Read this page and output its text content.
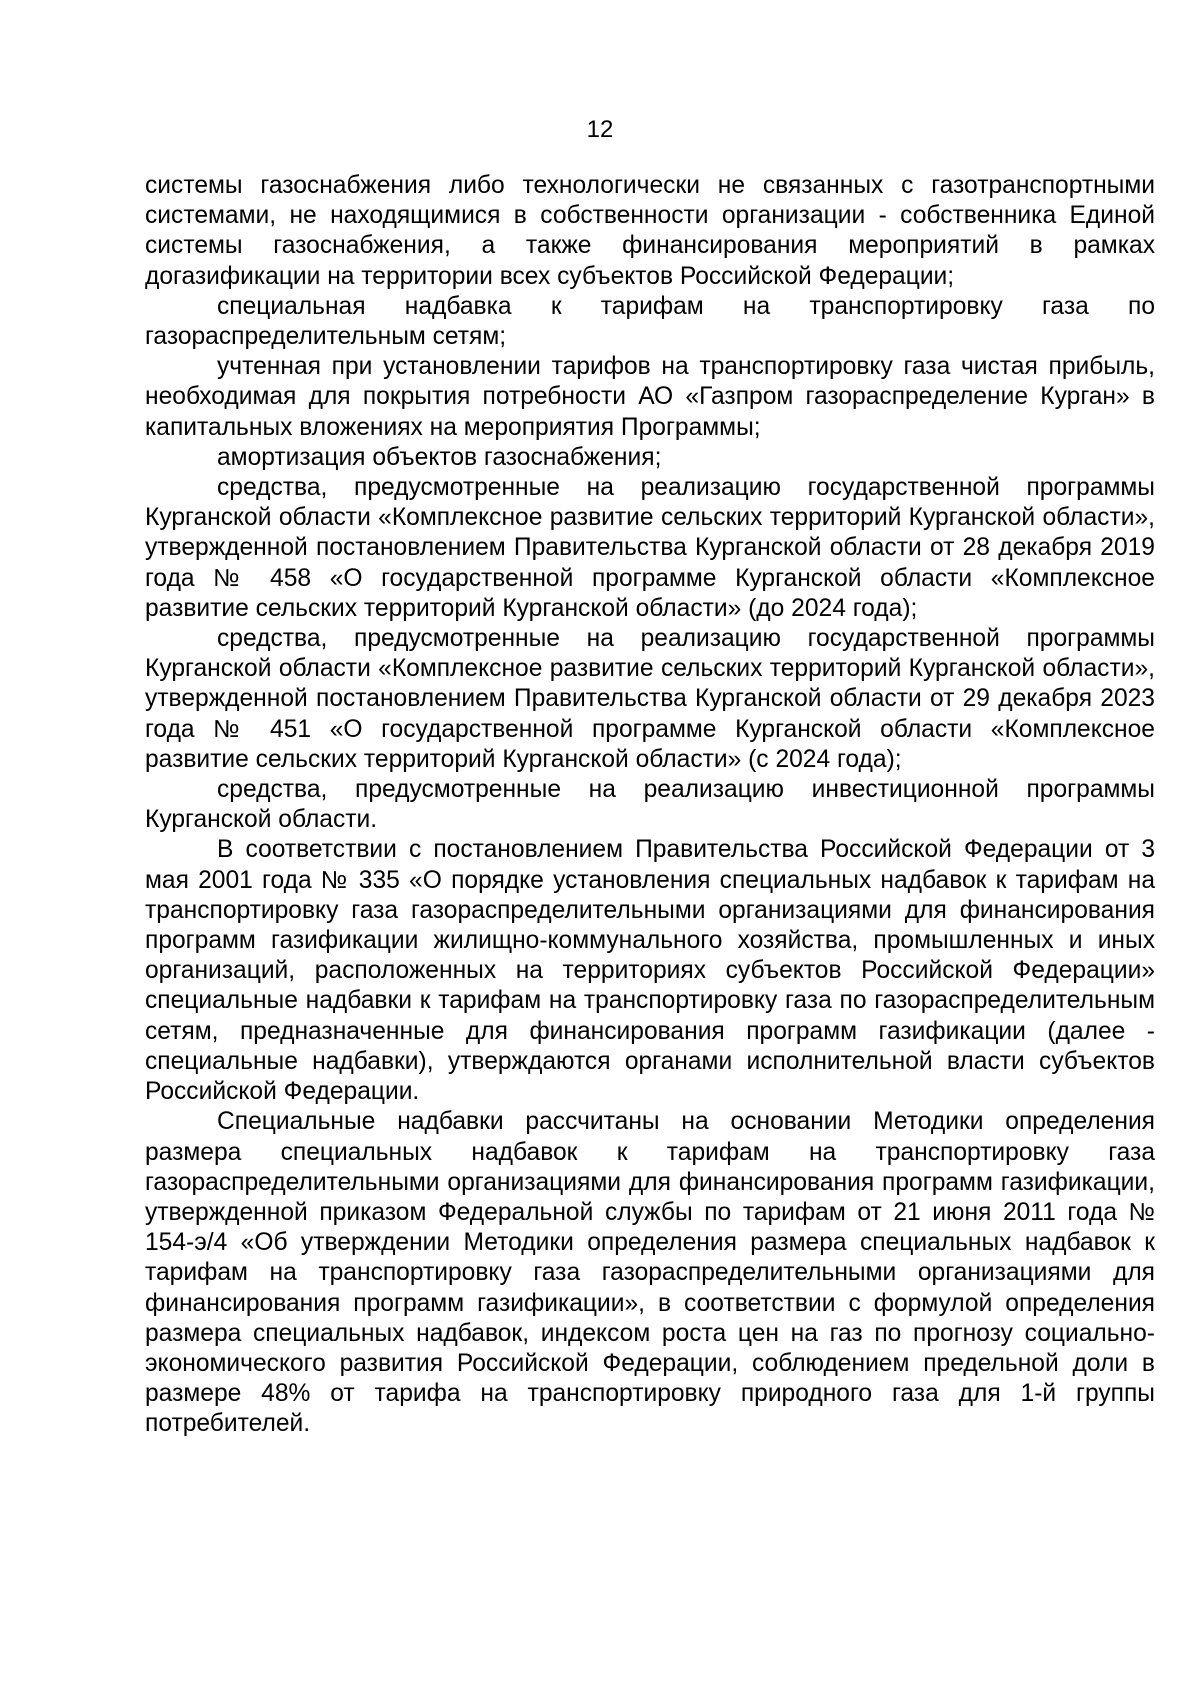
12

системы газоснабжения либо технологически не связанных с газотранспортными системами, не находящимися в собственности организации - собственника Единой системы газоснабжения, а также финансирования мероприятий в рамках догазификации на территории всех субъектов Российской Федерации;

специальная надбавка к тарифам на транспортировку газа по газораспределительным сетям;

учтенная при установлении тарифов на транспортировку газа чистая прибыль, необходимая для покрытия потребности АО «Газпром газораспределение Курган» в капитальных вложениях на мероприятия Программы;

амортизация объектов газоснабжения;

средства, предусмотренные на реализацию государственной программы Курганской области «Комплексное развитие сельских территорий Курганской области», утвержденной постановлением Правительства Курганской области от 28 декабря 2019 года № 458 «О государственной программе Курганской области «Комплексное развитие сельских территорий Курганской области» (до 2024 года);

средства, предусмотренные на реализацию государственной программы Курганской области «Комплексное развитие сельских территорий Курганской области», утвержденной постановлением Правительства Курганской области от 29 декабря 2023 года № 451 «О государственной программе Курганской области «Комплексное развитие сельских территорий Курганской области» (с 2024 года);

средства, предусмотренные на реализацию инвестиционной программы Курганской области.

В соответствии с постановлением Правительства Российской Федерации от 3 мая 2001 года № 335 «О порядке установления специальных надбавок к тарифам на транспортировку газа газораспределительными организациями для финансирования программ газификации жилищно-коммунального хозяйства, промышленных и иных организаций, расположенных на территориях субъектов Российской Федерации» специальные надбавки к тарифам на транспортировку газа по газораспределительным сетям, предназначенные для финансирования программ газификации (далее - специальные надбавки), утверждаются органами исполнительной власти субъектов Российской Федерации.

Специальные надбавки рассчитаны на основании Методики определения размера специальных надбавок к тарифам на транспортировку газа газораспределительными организациями для финансирования программ газификации, утвержденной приказом Федеральной службы по тарифам от 21 июня 2011 года № 154-э/4 «Об утверждении Методики определения размера специальных надбавок к тарифам на транспортировку газа газораспределительными организациями для финансирования программ газификации», в соответствии с формулой определения размера специальных надбавок, индексом роста цен на газ по прогнозу социально-экономического развития Российской Федерации, соблюдением предельной доли в размере 48% от тарифа на транспортировку природного газа для 1-й группы потребителей.
